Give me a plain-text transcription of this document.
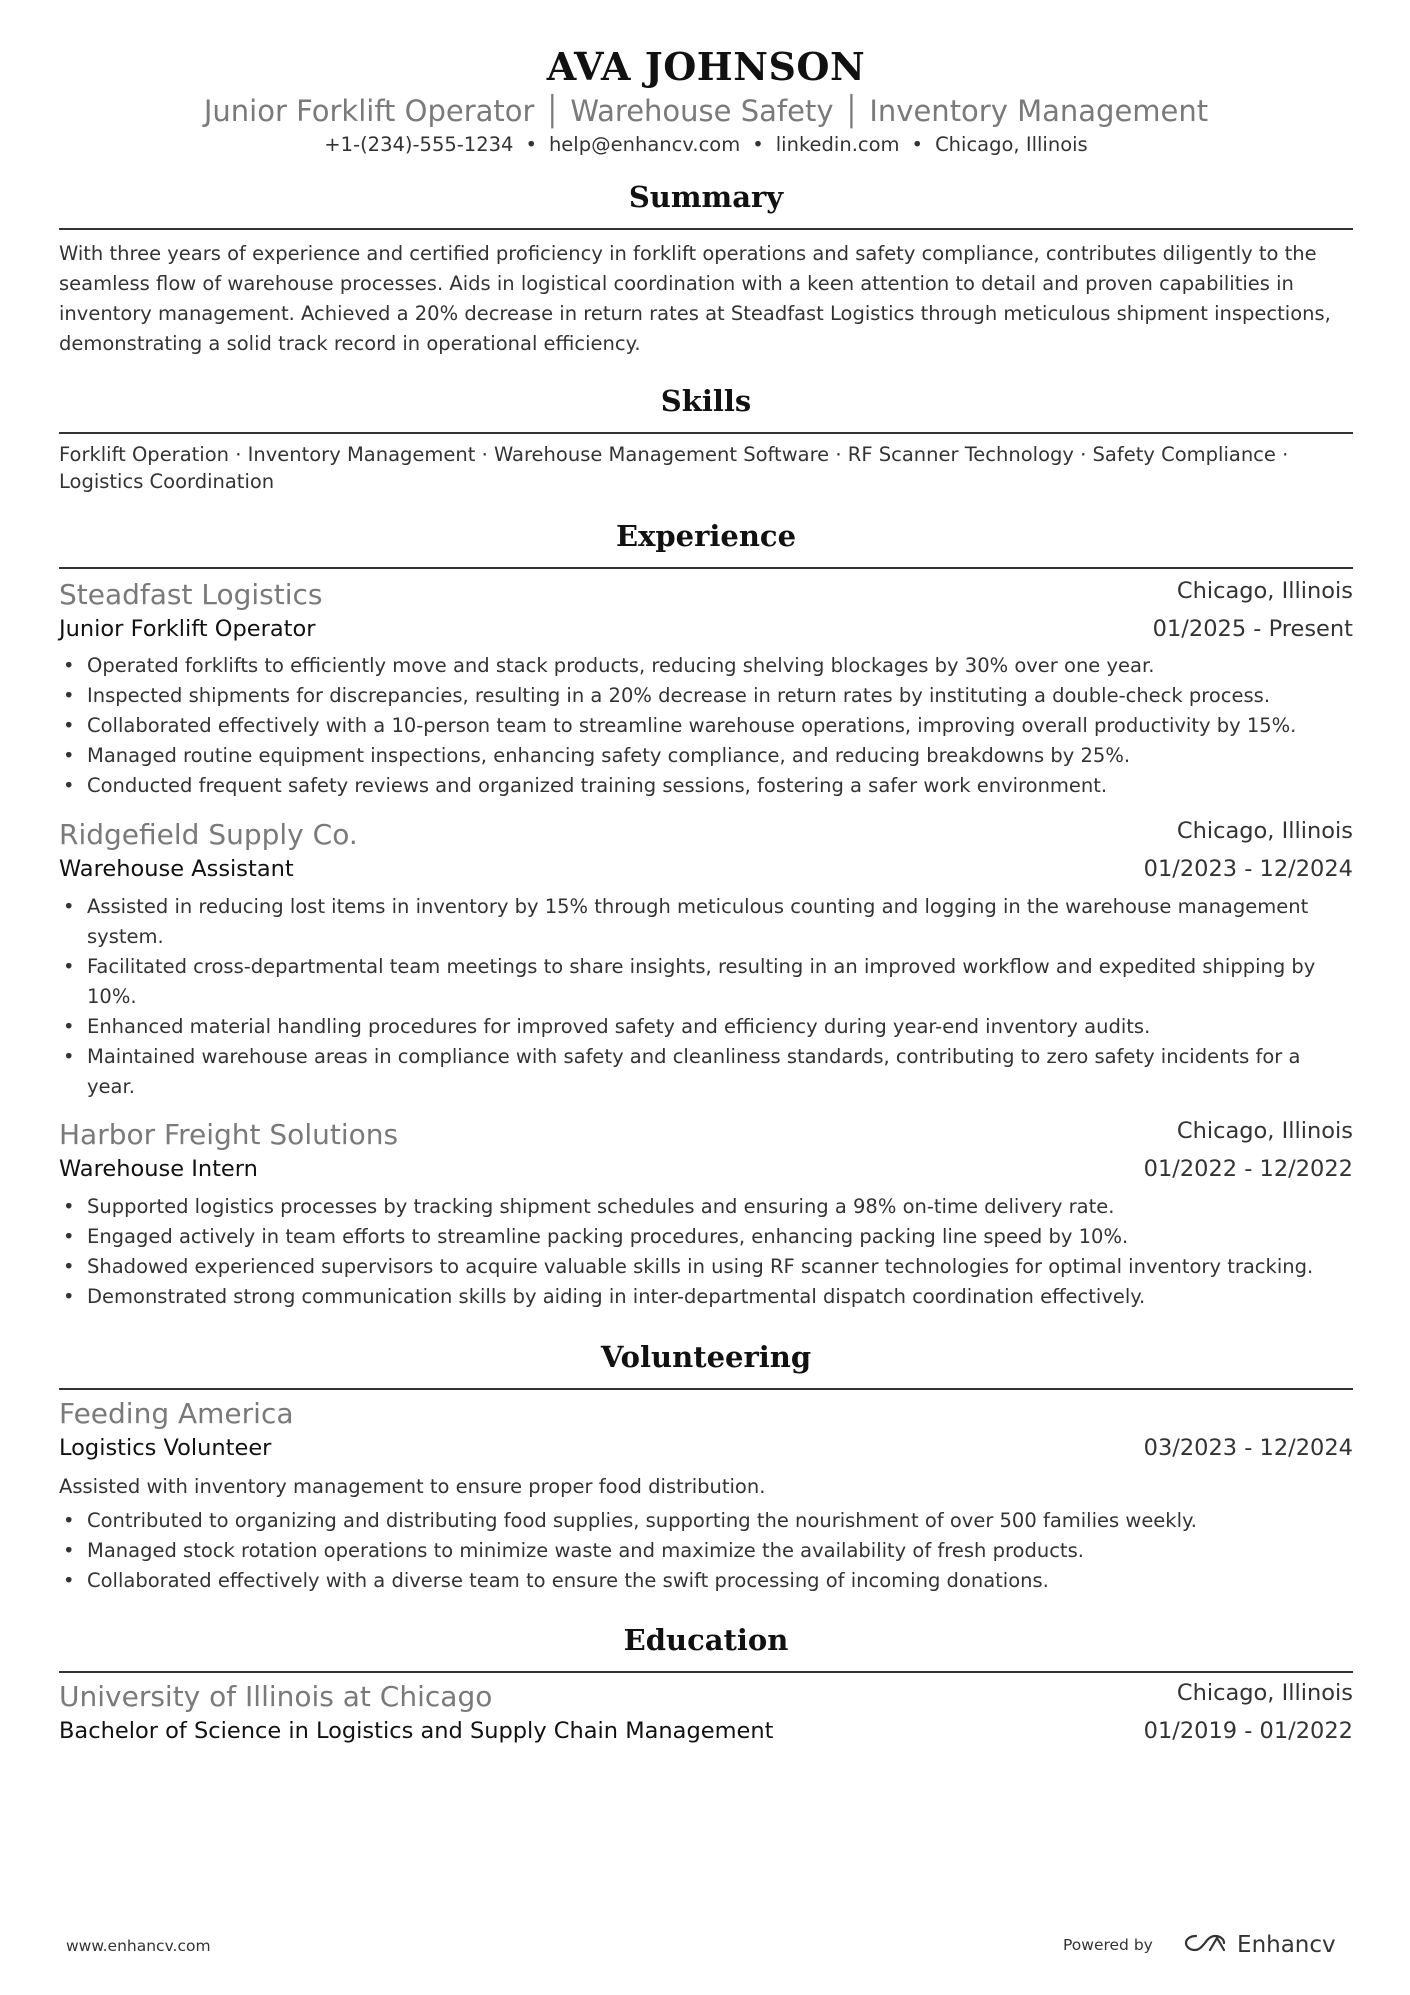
AVA JOHNSON
Junior Forklift Operator │ Warehouse Safety │ Inventory Management
+1-(234)-555-1234 • help@enhancv.com • linkedin.com • Chicago, Illinois
Summary
With three years of experience and certified proficiency in forklift operations and safety compliance, contributes diligently to the seamless flow of warehouse processes. Aids in logistical coordination with a keen attention to detail and proven capabilities in inventory management. Achieved a 20% decrease in return rates at Steadfast Logistics through meticulous shipment inspections, demonstrating a solid track record in operational efficiency.
Skills
Forklift Operation · Inventory Management · Warehouse Management Software · RF Scanner Technology · Safety Compliance · Logistics Coordination
Experience
Steadfast Logistics	Chicago, Illinois
Junior Forklift Operator	01/2025 - Present
• Operated forklifts to efficiently move and stack products, reducing shelving blockages by 30% over one year.
• Inspected shipments for discrepancies, resulting in a 20% decrease in return rates by instituting a double-check process.
• Collaborated effectively with a 10-person team to streamline warehouse operations, improving overall productivity by 15%.
• Managed routine equipment inspections, enhancing safety compliance, and reducing breakdowns by 25%.
• Conducted frequent safety reviews and organized training sessions, fostering a safer work environment.
Ridgefield Supply Co.	Chicago, Illinois
Warehouse Assistant	01/2023 - 12/2024
• Assisted in reducing lost items in inventory by 15% through meticulous counting and logging in the warehouse management system.
• Facilitated cross-departmental team meetings to share insights, resulting in an improved workflow and expedited shipping by 10%.
• Enhanced material handling procedures for improved safety and efficiency during year-end inventory audits.
• Maintained warehouse areas in compliance with safety and cleanliness standards, contributing to zero safety incidents for a year.
Harbor Freight Solutions	Chicago, Illinois
Warehouse Intern	01/2022 - 12/2022
• Supported logistics processes by tracking shipment schedules and ensuring a 98% on-time delivery rate.
• Engaged actively in team efforts to streamline packing procedures, enhancing packing line speed by 10%.
• Shadowed experienced supervisors to acquire valuable skills in using RF scanner technologies for optimal inventory tracking.
• Demonstrated strong communication skills by aiding in inter-departmental dispatch coordination effectively.
Volunteering
Feeding America
Logistics Volunteer	03/2023 - 12/2024
Assisted with inventory management to ensure proper food distribution.
• Contributed to organizing and distributing food supplies, supporting the nourishment of over 500 families weekly.
• Managed stock rotation operations to minimize waste and maximize the availability of fresh products.
• Collaborated effectively with a diverse team to ensure the swift processing of incoming donations.
Education
University of Illinois at Chicago	Chicago, Illinois
Bachelor of Science in Logistics and Supply Chain Management	01/2019 - 01/2022
www.enhancv.com	Powered by	Enhancv
